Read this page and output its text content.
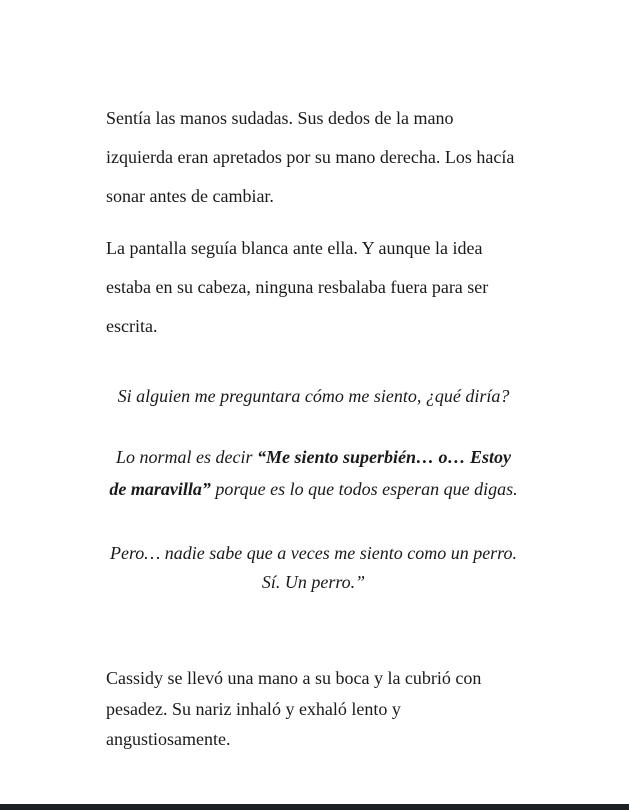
Sentía las manos sudadas. Sus dedos de la mano
izquierda eran apretados por su mano derecha. Los hacía
sonar antes de cambiar.
La pantalla seguía blanca ante ella. Y aunque la idea
estaba en su cabeza, ninguna resbalaba fuera para ser
escrita.
Si alguien me preguntara cómo me siento, ¿qué diría?
Lo normal es decir “Me siento superbién… o… Estoy
de maravilla” porque es lo que todos esperan que digas.
Pero… nadie sabe que a veces me siento como un perro.
Sí. Un perro.”
Cassidy se llevó una mano a su boca y la cubrió con
pesadez. Su nariz inhaló y exhaló lento y
angustiosamente.
